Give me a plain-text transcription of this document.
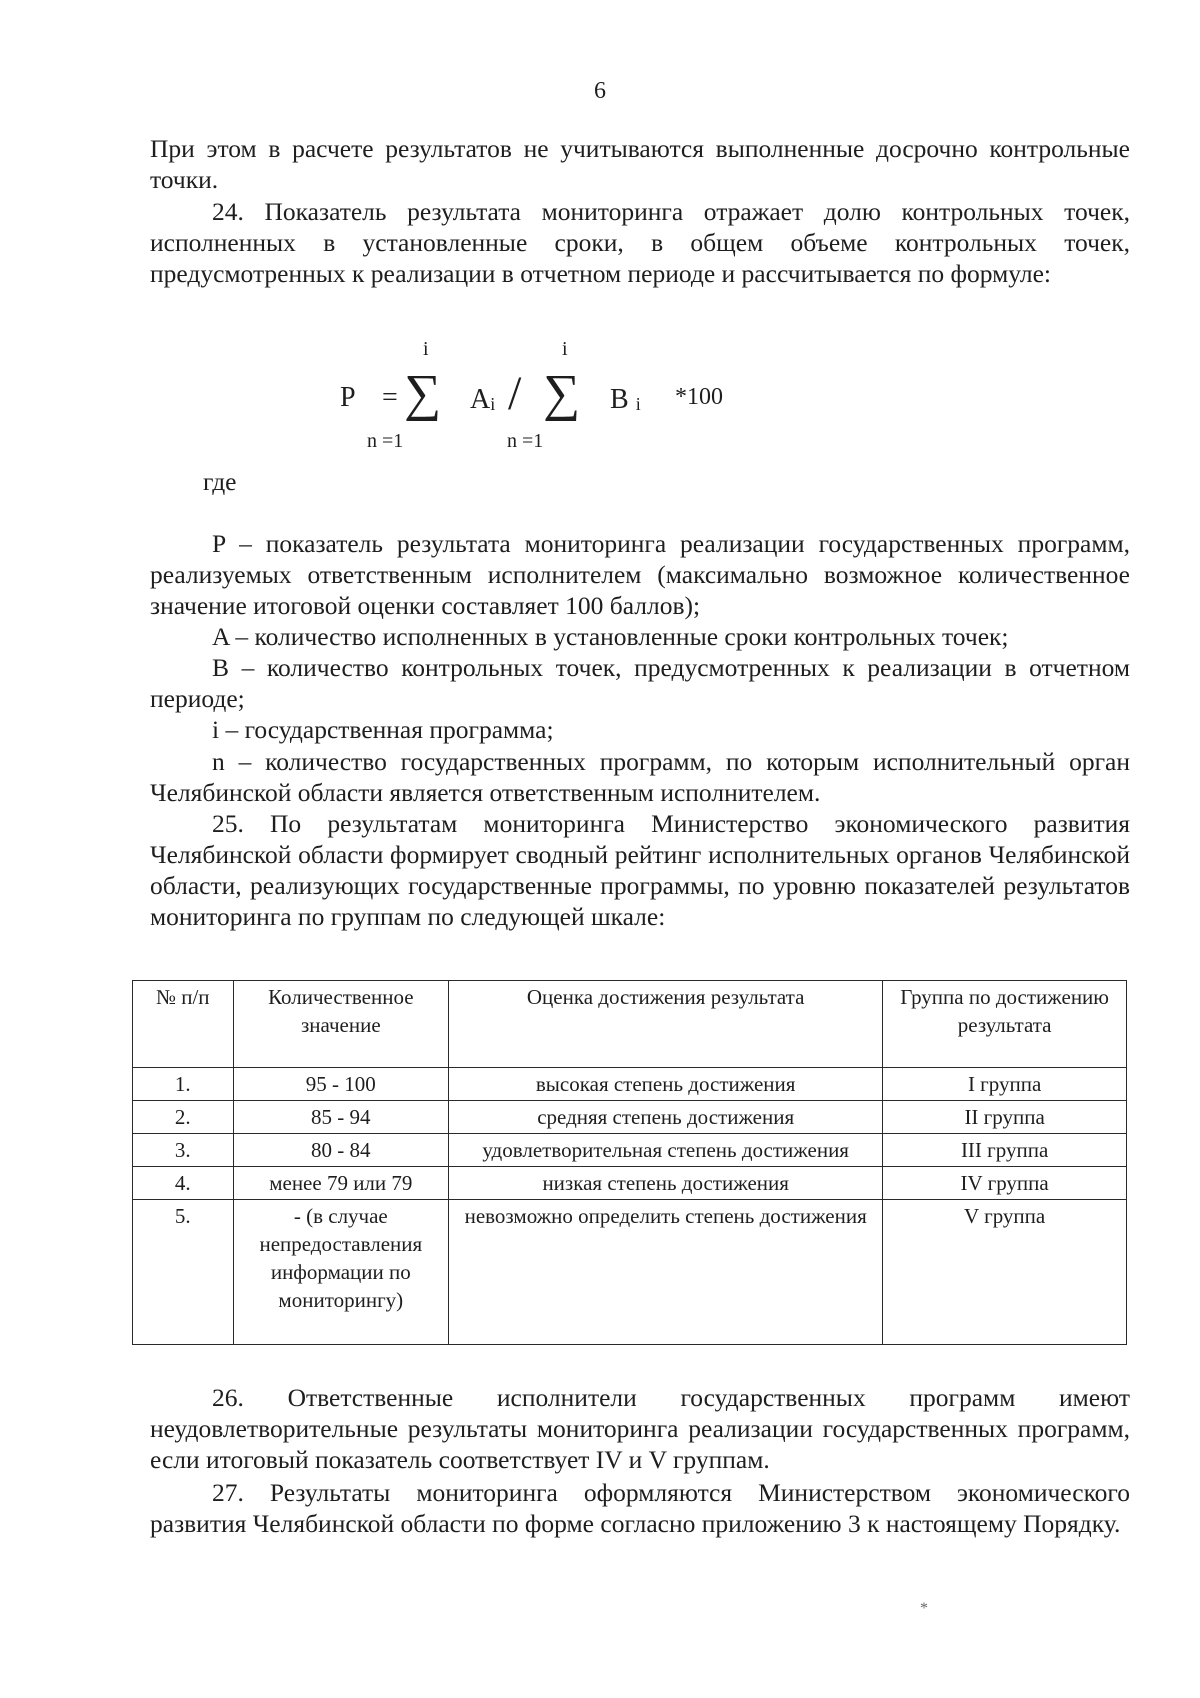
6

При этом в расчете результатов не учитываются выполненные досрочно контрольные точки.

24. Показатель результата мониторинга отражает долю контрольных точек, исполненных в установленные сроки, в общем объеме контрольных точек, предусмотренных к реализации в отчетном периоде и рассчитывается по формуле:

P =
i
∑
n =1
Ai /
i
∑
n =1
B i *100

где

P – показатель результата мониторинга реализации государственных программ, реализуемых ответственным исполнителем (максимально возможное количественное значение итоговой оценки составляет 100 баллов);

A – количество исполненных в установленные сроки контрольных точек;

B – количество контрольных точек, предусмотренных к реализации в отчетном периоде;

i – государственная программа;

n – количество государственных программ, по которым исполнительный орган Челябинской области является ответственным исполнителем.

25. По результатам мониторинга Министерство экономического развития Челябинской области формирует сводный рейтинг исполнительных органов Челябинской области, реализующих государственные программы, по уровню показателей результатов мониторинга по группам по следующей шкале:

№ п/п	Количественное значение	Оценка достижения результата	Группа по достижению результата
1.	95 - 100	высокая степень достижения	I группа
2.	85 - 94	средняя степень достижения	II группа
3.	80 - 84	удовлетворительная степень достижения	III группа
4.	менее 79 или 79	низкая степень достижения	IV группа
5.	- (в случае непредоставления информации по мониторингу)	невозможно определить степень достижения	V группа

26. Ответственные исполнители государственных программ имеют неудовлетворительные результаты мониторинга реализации государственных программ, если итоговый показатель соответствует IV и V группам.

27. Результаты мониторинга оформляются Министерством экономического развития Челябинской области по форме согласно приложению 3 к настоящему Порядку.

*
